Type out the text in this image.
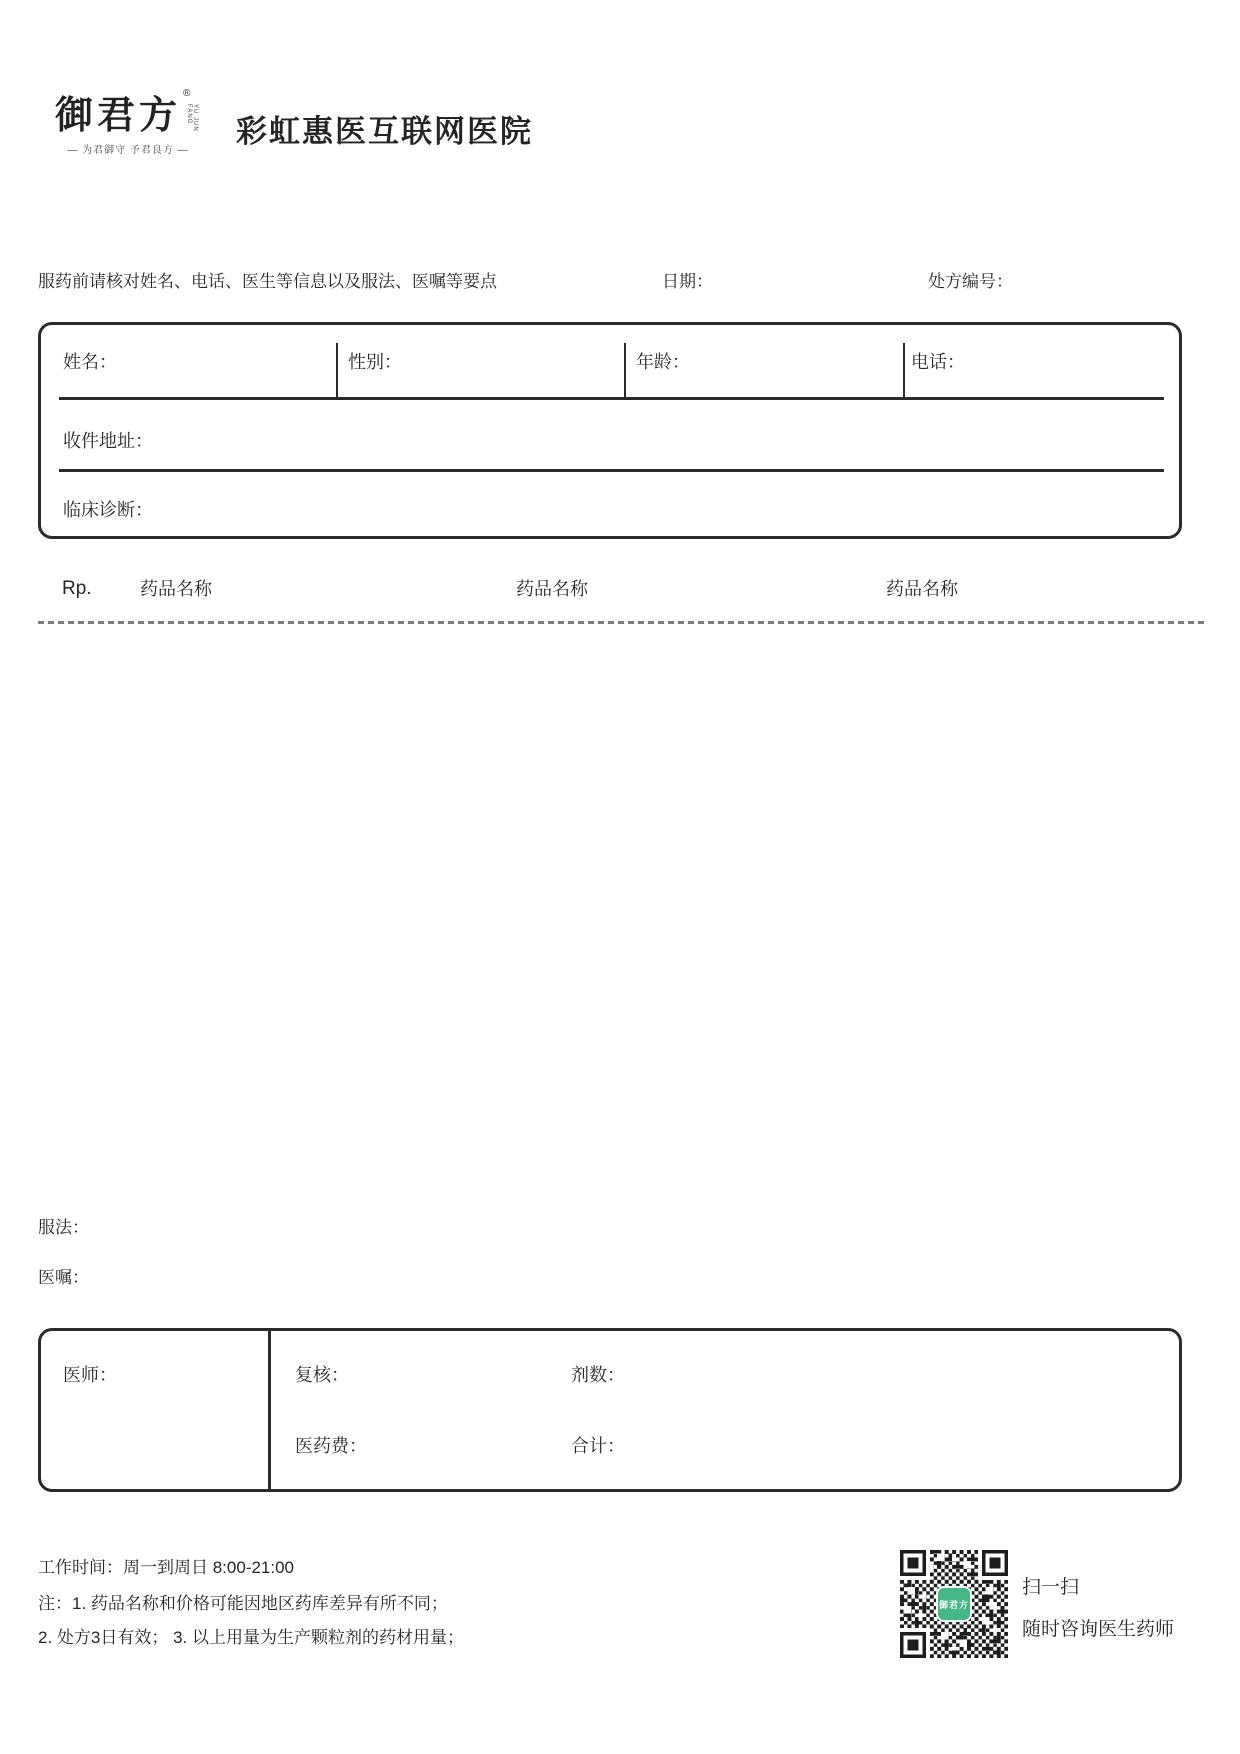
御君方 ®
YU JUN FANG
— 为君御守 予君良方 —
彩虹惠医互联网医院
服药前请核对姓名、电话、医生等信息以及服法、医嘱等要点	日期：	处方编号：
姓名：	性别：	年龄：	电话：
收件地址：
临床诊断：
Rp.	药品名称	药品名称	药品名称
服法：
医嘱：
医师：	复核：	剂数：
医药费：	合计：
工作时间：周一到周日 8:00-21:00
注：1. 药品名称和价格可能因地区药库差异有所不同；
2. 处方3日有效； 3. 以上用量为生产颗粒剂的药材用量；
御君方
扫一扫
随时咨询医生药师
